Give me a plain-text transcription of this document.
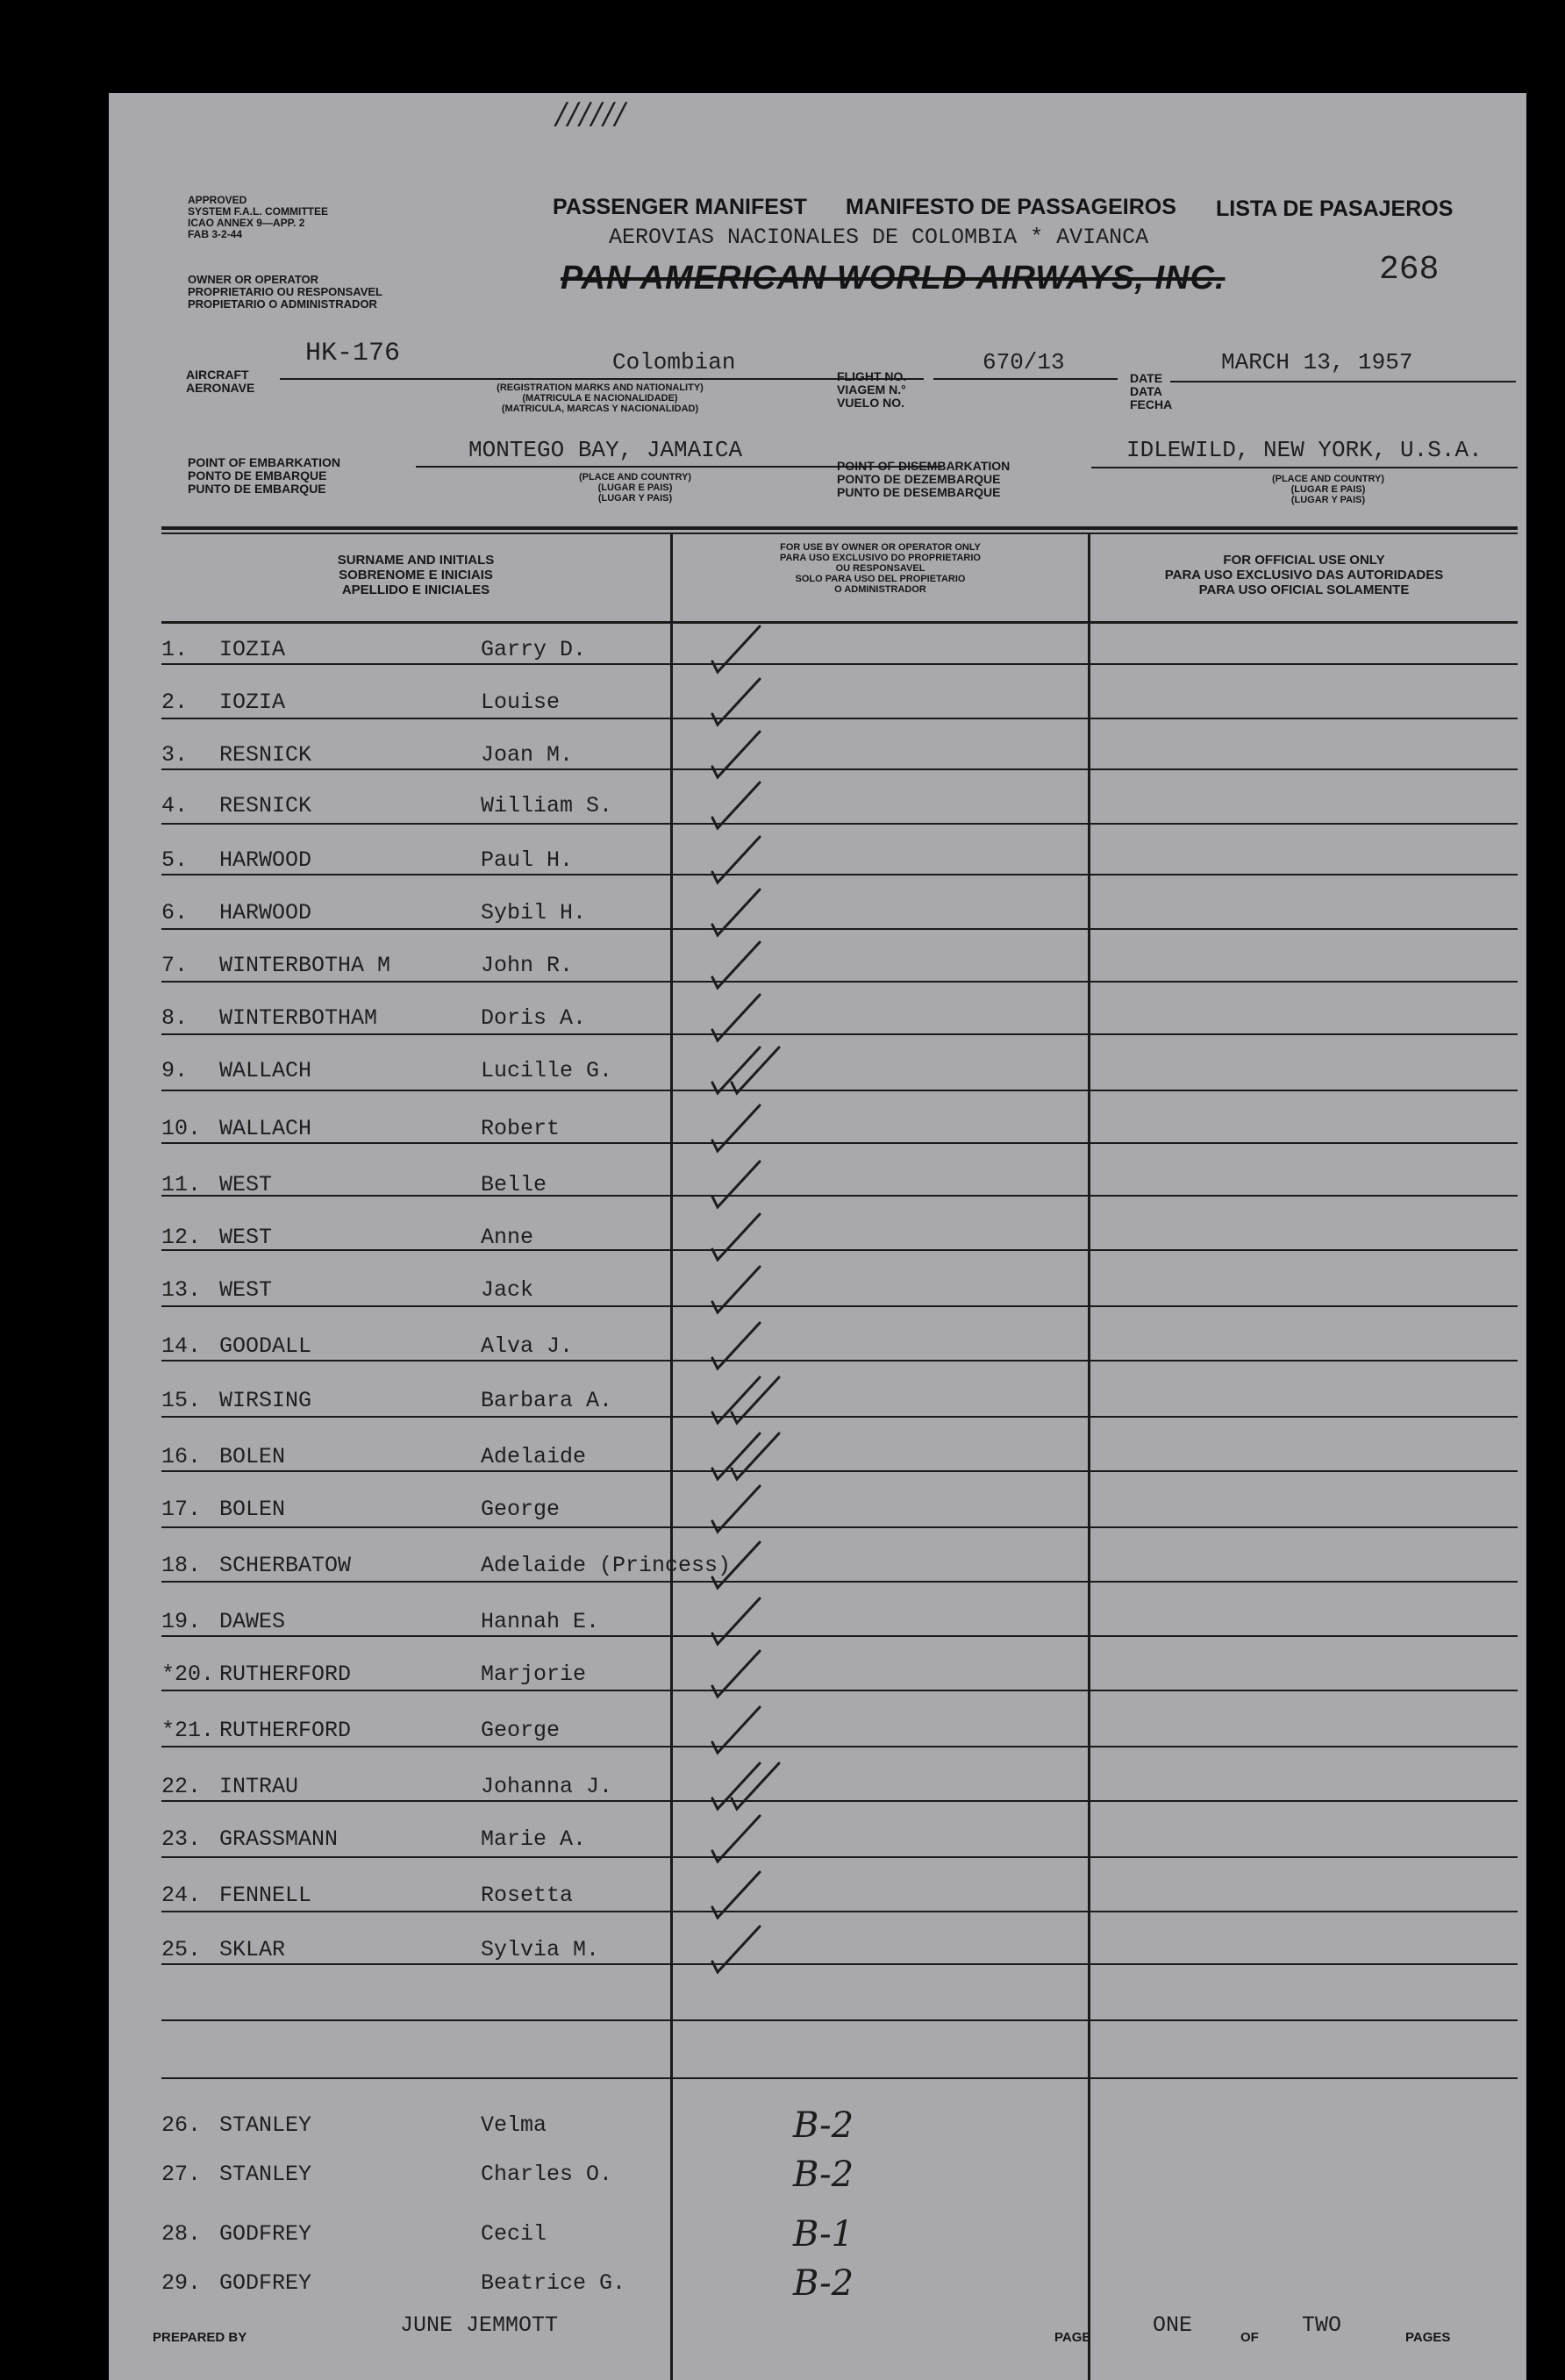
//////
APPROVED
SYSTEM F.A.L. COMMITTEE
ICAO ANNEX 9—APP. 2
FAB 3-2-44
OWNER OR OPERATOR
PROPRIETARIO OU RESPONSAVEL
PROPIETARIO O ADMINISTRADOR
PASSENGER MANIFEST MANIFESTO DE PASSAGEIROS LISTA DE PASAJEROS
AEROVIAS NACIONALES DE COLOMBIA * AVIANCA
PAN AMERICAN WORLD AIRWAYS, INC.	268
AIRCRAFT
AERONAVE
HK-176	Colombian
(REGISTRATION MARKS AND NATIONALITY)
(MATRICULA E NACIONALIDADE)
(MATRICULA, MARCAS Y NACIONALIDAD)
FLIGHT NO.
VIAGEM N.°
VUELO NO.
670/13
DATE
DATA
FECHA
MARCH 13, 1957
POINT OF EMBARKATION
PONTO DE EMBARQUE
PUNTO DE EMBARQUE
MONTEGO BAY, JAMAICA
(PLACE AND COUNTRY)
(LUGAR E PAIS)
(LUGAR Y PAIS)
POINT OF DISEMBARKATION
PONTO DE DEZEMBARQUE
PUNTO DE DESEMBARQUE
IDLEWILD, NEW YORK, U.S.A.
(PLACE AND COUNTRY)
(LUGAR E PAIS)
(LUGAR Y PAIS)
SURNAME AND INITIALS
SOBRENOME E INICIAIS
APELLIDO E INICIALES
FOR USE BY OWNER OR OPERATOR ONLY
PARA USO EXCLUSIVO DO PROPRIETARIO
OU RESPONSAVEL
SOLO PARA USO DEL PROPIETARIO
O ADMINISTRADOR
FOR OFFICIAL USE ONLY
PARA USO EXCLUSIVO DAS AUTORIDADES
PARA USO OFICIAL SOLAMENTE
1. IOZIA	Garry D.
2. IOZIA	Louise
3. RESNICK	Joan M.
4. RESNICK	William S.
5. HARWOOD	Paul H.
6. HARWOOD	Sybil H.
7. WINTERBOTHA M	John R.
8. WINTERBOTHAM	Doris A.
9. WALLACH	Lucille G.
10. WALLACH	Robert
11. WEST	Belle
12. WEST	Anne
13. WEST	Jack
14. GOODALL	Alva J.
15. WIRSING	Barbara A.
16. BOLEN	Adelaide
17. BOLEN	George
18. SCHERBATOW	Adelaide (Princess)
19. DAWES	Hannah E.
*20. RUTHERFORD	Marjorie
*21. RUTHERFORD	George
22. INTRAU	Johanna J.
23. GRASSMANN	Marie A.
24. FENNELL	Rosetta
25. SKLAR	Sylvia M.
26. STANLEY	Velma	B-2
27. STANLEY	Charles O.	B-2
28. GODFREY	Cecil	B-1
29. GODFREY	Beatrice G.	B-2
PREPARED BY	JUNE JEMMOTT	PAGE	ONE	OF TWO	PAGES
